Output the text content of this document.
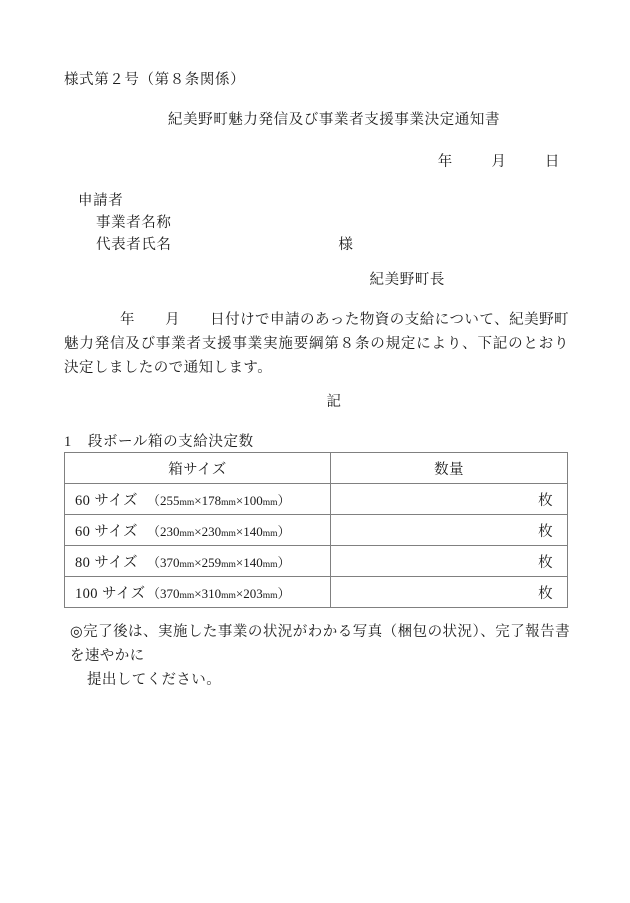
様式第２号（第８条関係）
紀美野町魅力発信及び事業者支援事業決定通知書
年	月	日
申請者
事業者名称
代表者氏名	様
紀美野町長
年 月 日付けで申請のあった物資の支給について、紀美野町魅力発信及び事業者支援事業実施要綱第８条の規定により、下記のとおり決定しましたので通知します。
記
1 段ボール箱の支給決定数
箱サイズ	数量
60 サイズ （255mm×178mm×100mm）	枚
60 サイズ （230mm×230mm×140mm）	枚
80 サイズ （370mm×259mm×140mm）	枚
100 サイズ（370mm×310mm×203mm）	枚
◎完了後は、実施した事業の状況がわかる写真（梱包の状況）、完了報告書を速やかに
提出してください。
